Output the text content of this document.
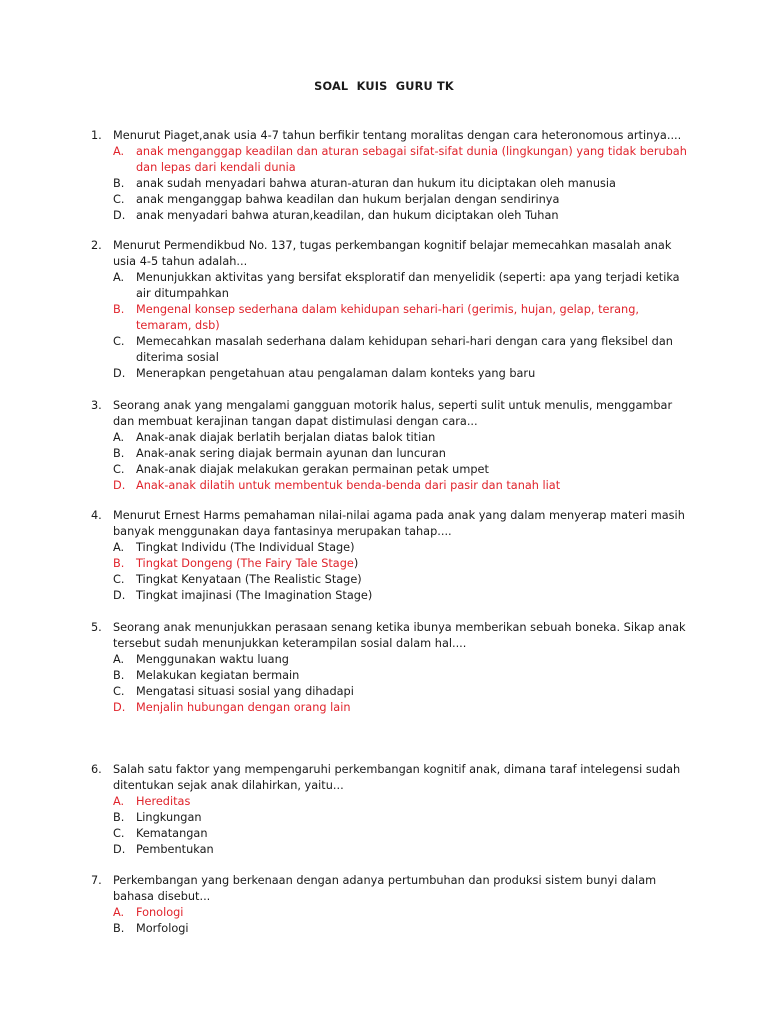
SOAL  KUIS  GURU TK
1. Menurut Piaget,anak usia 4-7 tahun berfikir tentang moralitas dengan cara heteronomous artinya....
A. anak menganggap keadilan dan aturan sebagai sifat-sifat dunia (lingkungan) yang tidak berubah
dan lepas dari kendali dunia
B. anak sudah menyadari bahwa aturan-aturan dan hukum itu diciptakan oleh manusia
C. anak menganggap bahwa keadilan dan hukum berjalan dengan sendirinya
D. anak menyadari bahwa aturan,keadilan, dan hukum diciptakan oleh Tuhan
2. Menurut Permendikbud No. 137, tugas perkembangan kognitif belajar memecahkan masalah anak
usia 4-5 tahun adalah...
A. Menunjukkan aktivitas yang bersifat eksploratif dan menyelidik (seperti: apa yang terjadi ketika
air ditumpahkan
B. Mengenal konsep sederhana dalam kehidupan sehari-hari (gerimis, hujan, gelap, terang,
temaram, dsb)
C. Memecahkan masalah sederhana dalam kehidupan sehari-hari dengan cara yang fleksibel dan
diterima sosial
D. Menerapkan pengetahuan atau pengalaman dalam konteks yang baru
3. Seorang anak yang mengalami gangguan motorik halus, seperti sulit untuk menulis, menggambar
dan membuat kerajinan tangan dapat distimulasi dengan cara...
A. Anak-anak diajak berlatih berjalan diatas balok titian
B. Anak-anak sering diajak bermain ayunan dan luncuran
C. Anak-anak diajak melakukan gerakan permainan petak umpet
D. Anak-anak dilatih untuk membentuk benda-benda dari pasir dan tanah liat
4. Menurut Ernest Harms pemahaman nilai-nilai agama pada anak yang dalam menyerap materi masih
banyak menggunakan daya fantasinya merupakan tahap....
A. Tingkat Individu (The Individual Stage)
B. Tingkat Dongeng (The Fairy Tale Stage)
C. Tingkat Kenyataan (The Realistic Stage)
D. Tingkat imajinasi (The Imagination Stage)
5. Seorang anak menunjukkan perasaan senang ketika ibunya memberikan sebuah boneka. Sikap anak
tersebut sudah menunjukkan keterampilan sosial dalam hal....
A. Menggunakan waktu luang
B. Melakukan kegiatan bermain
C. Mengatasi situasi sosial yang dihadapi
D. Menjalin hubungan dengan orang lain
6. Salah satu faktor yang mempengaruhi perkembangan kognitif anak, dimana taraf intelegensi sudah
ditentukan sejak anak dilahirkan, yaitu...
A. Hereditas
B. Lingkungan
C. Kematangan
D. Pembentukan
7. Perkembangan yang berkenaan dengan adanya pertumbuhan dan produksi sistem bunyi dalam
bahasa disebut...
A. Fonologi
B. Morfologi
